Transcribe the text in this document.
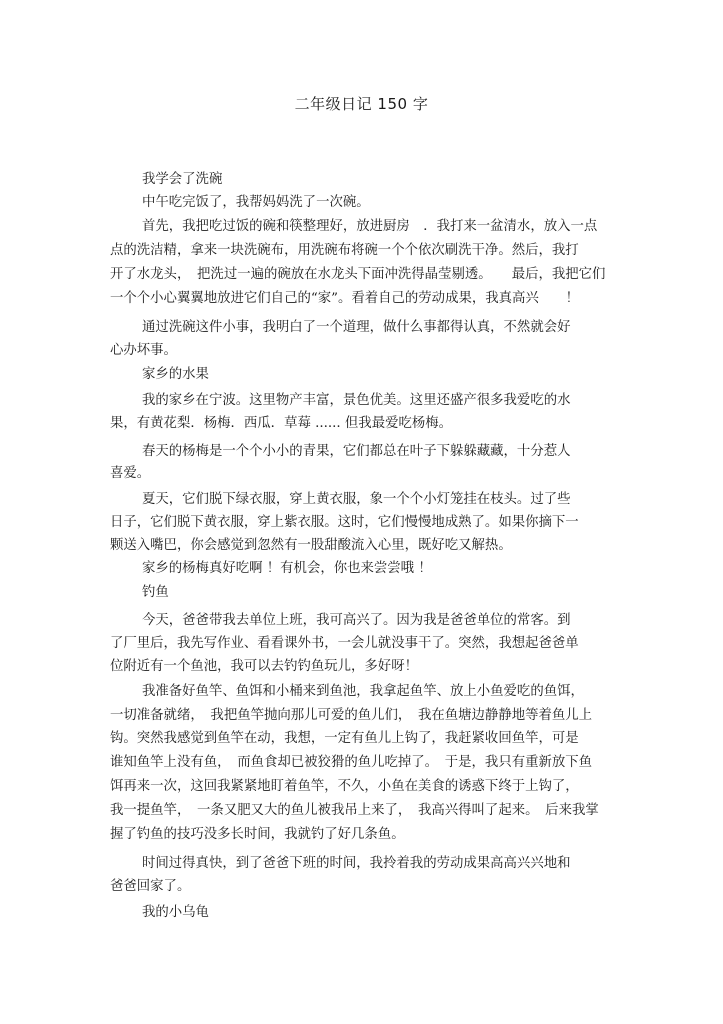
二年级日记 150 字
我学会了洗碗
中午吃完饭了，我帮妈妈洗了一次碗。
首先，我把吃过饭的碗和筷整理好，放进厨房　．我打来一盆清水，放入一点
点的洗洁精，拿来一块洗碗布，用洗碗布将碗一个个依次刷洗干净。然后，我打
开了水龙头，　把洗过一遍的碗放在水龙头下面冲洗得晶莹剔透。　　最后，我把它们
一个个小心翼翼地放进它们自己的“家”。看着自己的劳动成果，我真高兴　　！
通过洗碗这件小事，我明白了一个道理，做什么事都得认真，不然就会好
心办坏事。
家乡的水果
我的家乡在宁波。这里物产丰富，景色优美。这里还盛产很多我爱吃的水
果，有黄花梨．杨梅．西瓜．草莓 ...... 但我最爱吃杨梅。
春天的杨梅是一个个小小的青果，它们都总在叶子下躲躲藏藏，十分惹人
喜爱。
夏天，它们脱下绿衣服，穿上黄衣服，象一个个小灯笼挂在枝头。过了些
日子，它们脱下黄衣服，穿上紫衣服。这时，它们慢慢地成熟了。如果你摘下一
颗送入嘴巴，你会感觉到忽然有一股甜酸流入心里，既好吃又解热。
家乡的杨梅真好吃啊 ！有机会，你也来尝尝哦 ！
钓鱼
今天，爸爸带我去单位上班，我可高兴了。因为我是爸爸单位的常客。到
了厂里后，我先写作业、看看课外书，一会儿就没事干了。突然，我想起爸爸单
位附近有一个鱼池，我可以去钓钓鱼玩儿，多好呀！
我准备好鱼竿、鱼饵和小桶来到鱼池，我拿起鱼竿、放上小鱼爱吃的鱼饵，
一切准备就绪，　我把鱼竿抛向那儿可爱的鱼儿们，　我在鱼塘边静静地等着鱼儿上
钩。突然我感觉到鱼竿在动，我想，一定有鱼儿上钩了，我赶紧收回鱼竿，可是
谁知鱼竿上没有鱼，　而鱼食却已被狡猾的鱼儿吃掉了。　于是，我只有重新放下鱼
饵再来一次，这回我紧紧地盯着鱼竿，不久，小鱼在美食的诱惑下终于上钩了，
我一提鱼竿，　一条又肥又大的鱼儿被我吊上来了，　我高兴得叫了起来。　后来我掌
握了钓鱼的技巧没多长时间，我就钓了好几条鱼。
时间过得真快，到了爸爸下班的时间，我拎着我的劳动成果高高兴兴地和
爸爸回家了。
我的小乌龟
